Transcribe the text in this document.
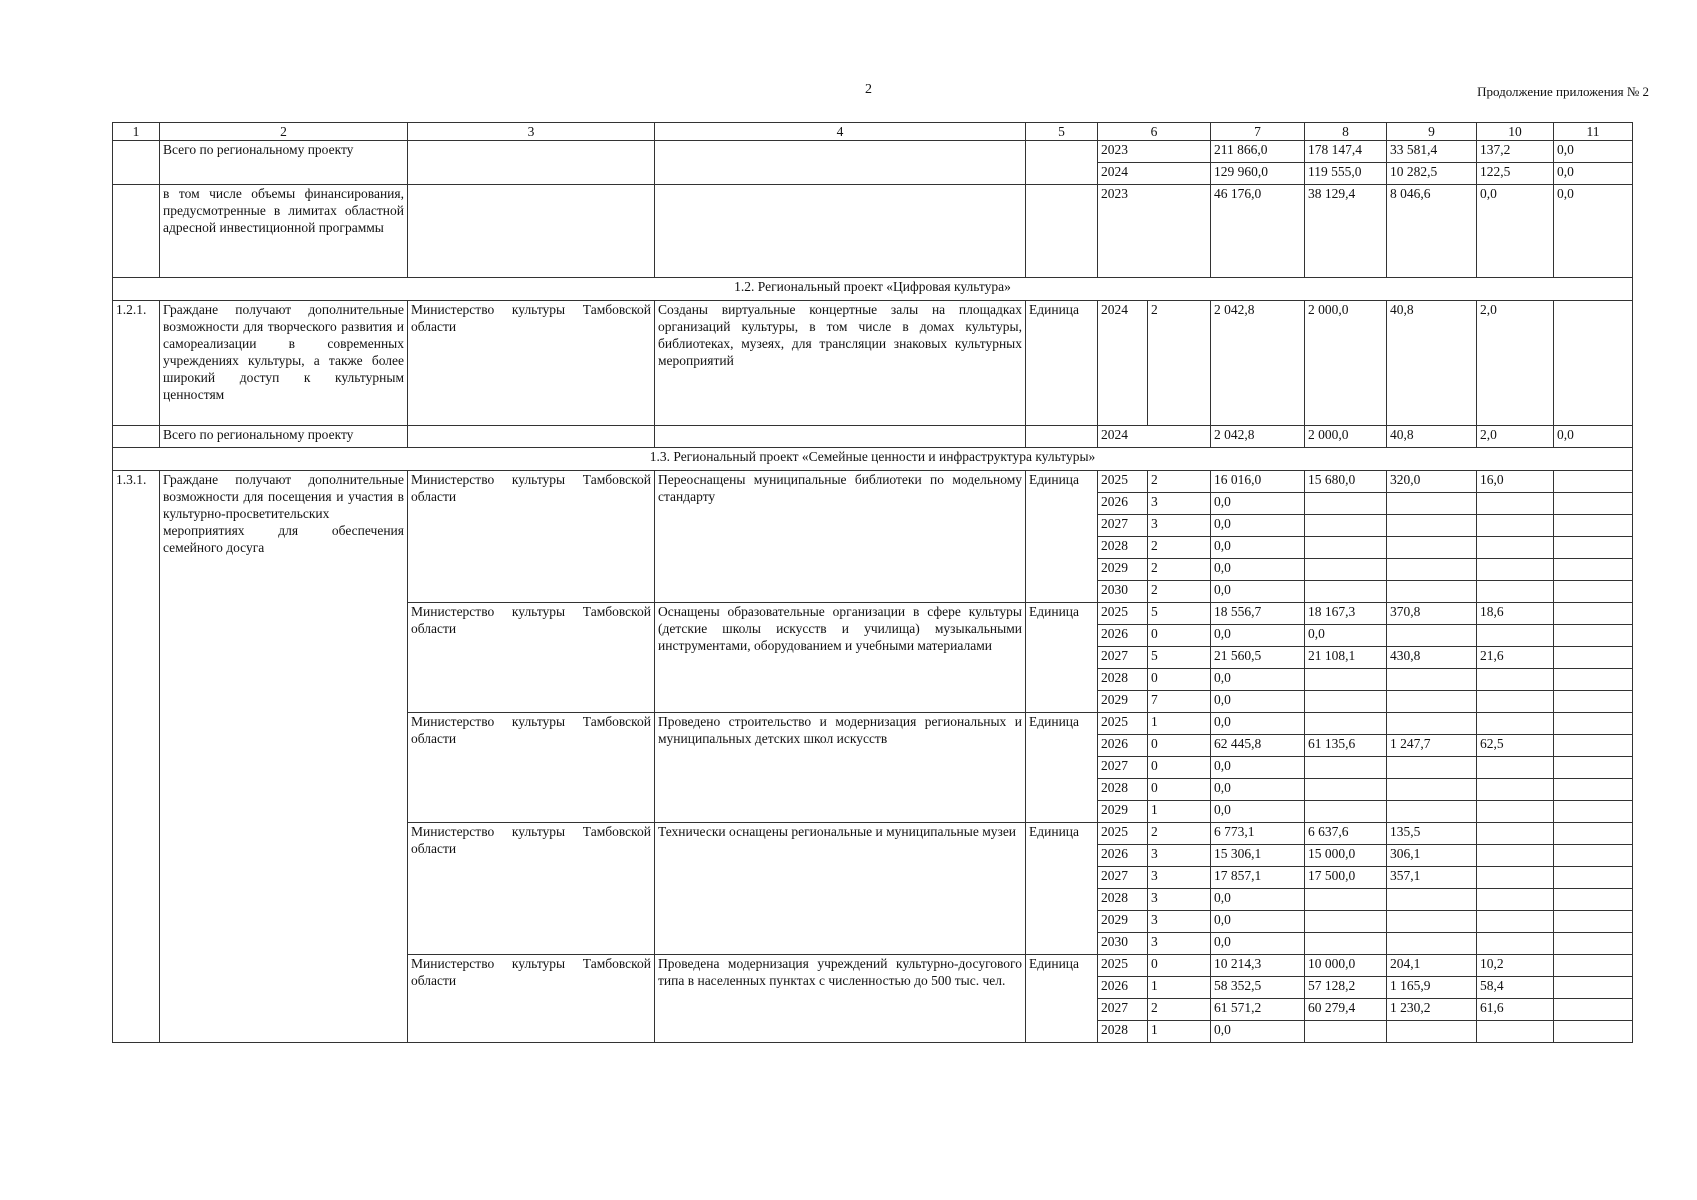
2	Продолжение приложения № 2
1	2	3	4	5	6		7	8	9	10	11
	Всего по региональному проекту				2023		211 866,0	178 147,4	33 581,4	137,2	0,0
					2024		129 960,0	119 555,0	10 282,5	122,5	0,0
	в том числе объемы финансирования, предусмотренные в лимитах областной адресной инвестиционной программы				2023		46 176,0	38 129,4	8 046,6	0,0	0,0
1.2. Региональный проект «Цифровая культура»											
1.2.1.	Граждане получают дополнительные возможности для творческого развития и самореализации в современных учреждениях культуры, а также более широкий доступ к культурным ценностям	Министерство культуры Тамбовской области	Созданы виртуальные концертные залы на площадках организаций культуры, в том числе в домах культуры, библиотеках, музеях, для трансляции знаковых культурных мероприятий	Единица	2024	2	2 042,8	2 000,0	40,8	2,0	
	Всего по региональному проекту				2024		2 042,8	2 000,0	40,8	2,0	0,0
1.3. Региональный проект «Семейные ценности и инфраструктура культуры»											
1.3.1.	Граждане получают дополнительные возможности для посещения и участия в культурно-просветительских мероприятиях для обеспечения семейного досуга	Министерство культуры Тамбовской области	Переоснащены муниципальные библиотеки по модельному стандарту	Единица	2025	2	16 016,0	15 680,0	320,0	16,0	
					2026	3	0,0				
					2027	3	0,0				
					2028	2	0,0				
					2029	2	0,0				
					2030	2	0,0				
		Министерство культуры Тамбовской области	Оснащены образовательные организации в сфере культуры (детские школы искусств и училища) музыкальными инструментами, оборудованием и учебными материалами	Единица	2025	5	18 556,7	18 167,3	370,8	18,6	
					2026	0	0,0	0,0			
					2027	5	21 560,5	21 108,1	430,8	21,6	
					2028	0	0,0				
					2029	7	0,0				
		Министерство культуры Тамбовской области	Проведено строительство и модернизация региональных и муниципальных детских школ искусств	Единица	2025	1	0,0				
					2026	0	62 445,8	61 135,6	1 247,7	62,5	
					2027	0	0,0				
					2028	0	0,0				
					2029	1	0,0				
		Министерство культуры Тамбовской области	Технически оснащены региональные и муниципальные музеи	Единица	2025	2	6 773,1	6 637,6	135,5		
					2026	3	15 306,1	15 000,0	306,1		
					2027	3	17 857,1	17 500,0	357,1		
					2028	3	0,0				
					2029	3	0,0				
					2030	3	0,0				
		Министерство культуры Тамбовской области	Проведена модернизация учреждений культурно-досугового типа в населенных пунктах с численностью до 500 тыс. чел.	Единица	2025	0	10 214,3	10 000,0	204,1	10,2	
					2026	1	58 352,5	57 128,2	1 165,9	58,4	
					2027	2	61 571,2	60 279,4	1 230,2	61,6	
					2028	1	0,0				
